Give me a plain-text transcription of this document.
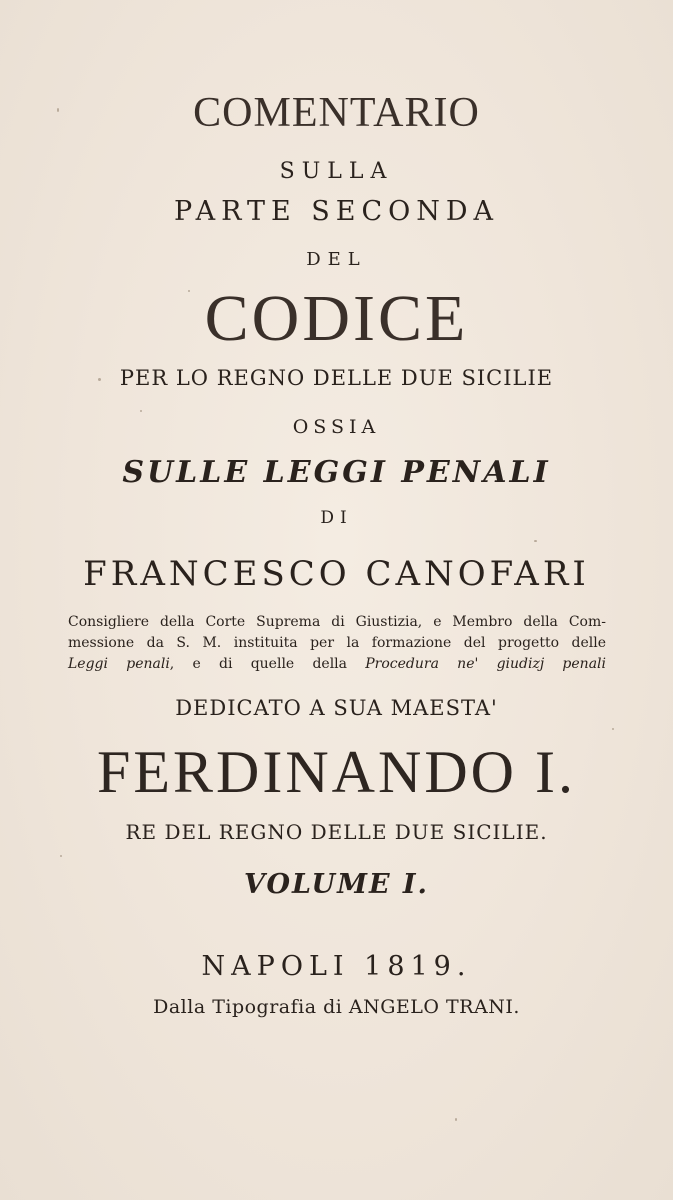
COMENTARIO
SULLA
PARTE SECONDA
DEL
CODICE
PER LO REGNO DELLE DUE SICILIE
OSSIA
SULLE LEGGI PENALI
DI
FRANCESCO CANOFARI
Consigliere della Corte Suprema di Giustizia, e Membro della Com-
messione da S. M. instituita per la formazione del progetto delle
Leggi penali, e di quelle della Procedura ne' giudizj penali
DEDICATO A SUA MAESTA'
FERDINANDO I.
RE DEL REGNO DELLE DUE SICILIE.
VOLUME I.
NAPOLI 1819.
Dalla Tipografia di ANGELO TRANI.
